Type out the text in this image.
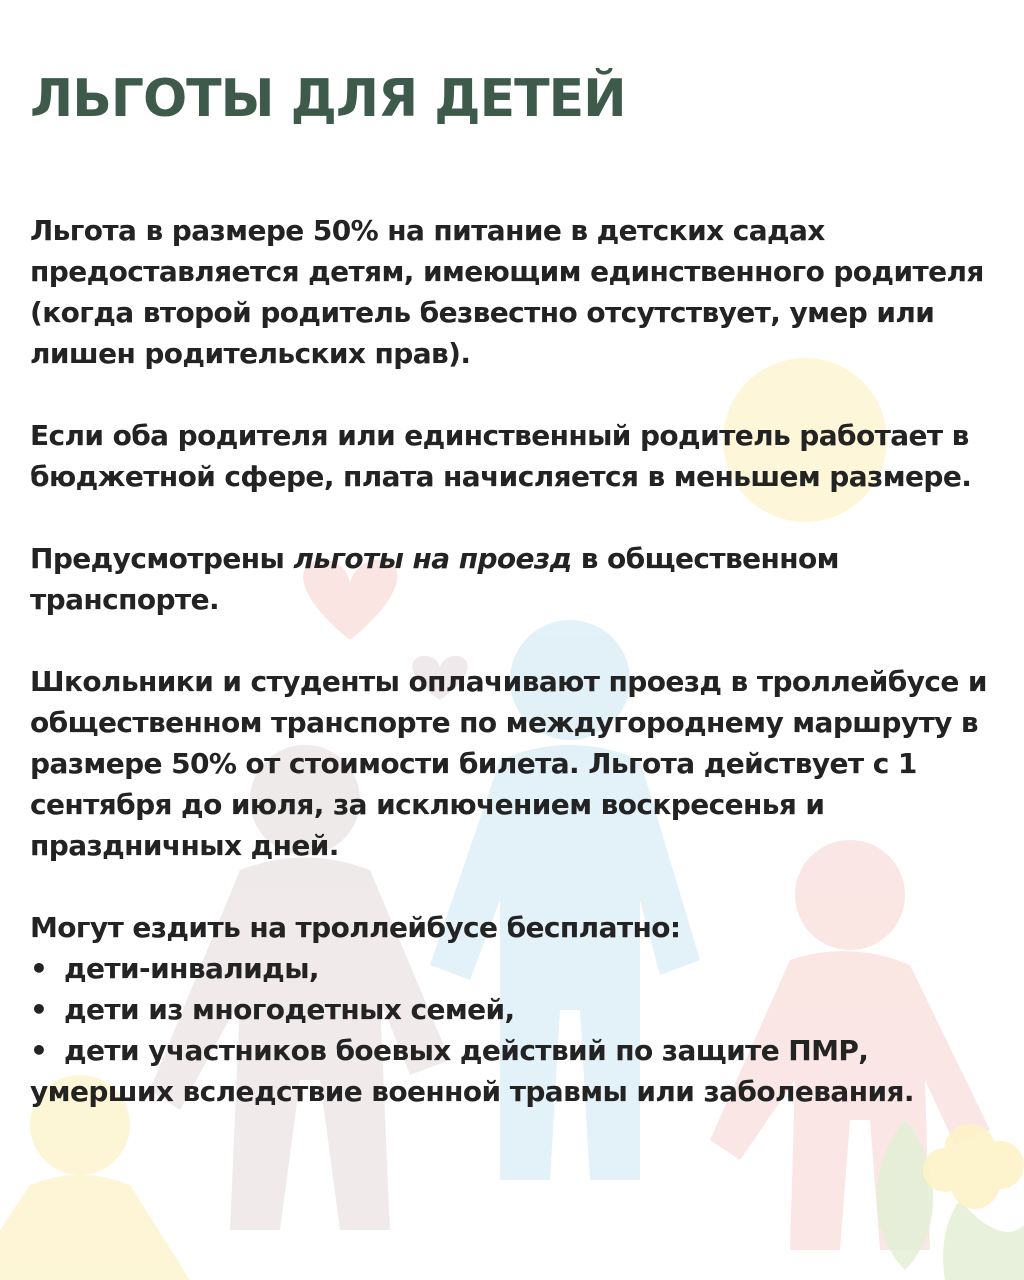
ЛЬГОТЫ ДЛЯ ДЕТЕЙ

Льгота в размере 50% на питание в детских садах предоставляется детям, имеющим единственного родителя (когда второй родитель безвестно отсутствует, умер или лишен родительских прав).

Если оба родителя или единственный родитель работает в бюджетной сфере, плата начисляется в меньшем размере.

Предусмотрены льготы на проезд в общественном транспорте.

Школьники и студенты оплачивают проезд в троллейбусе и общественном транспорте по междугороднему маршруту в размере 50% от стоимости билета. Льгота действует с 1 сентября до июля, за исключением воскресенья и праздничных дней.

Могут ездить на троллейбусе бесплатно:

• дети-инвалиды,
• дети из многодетных семей,
• дети участников боевых действий по защите ПМР,

умерших вследствие военной травмы или заболевания.
